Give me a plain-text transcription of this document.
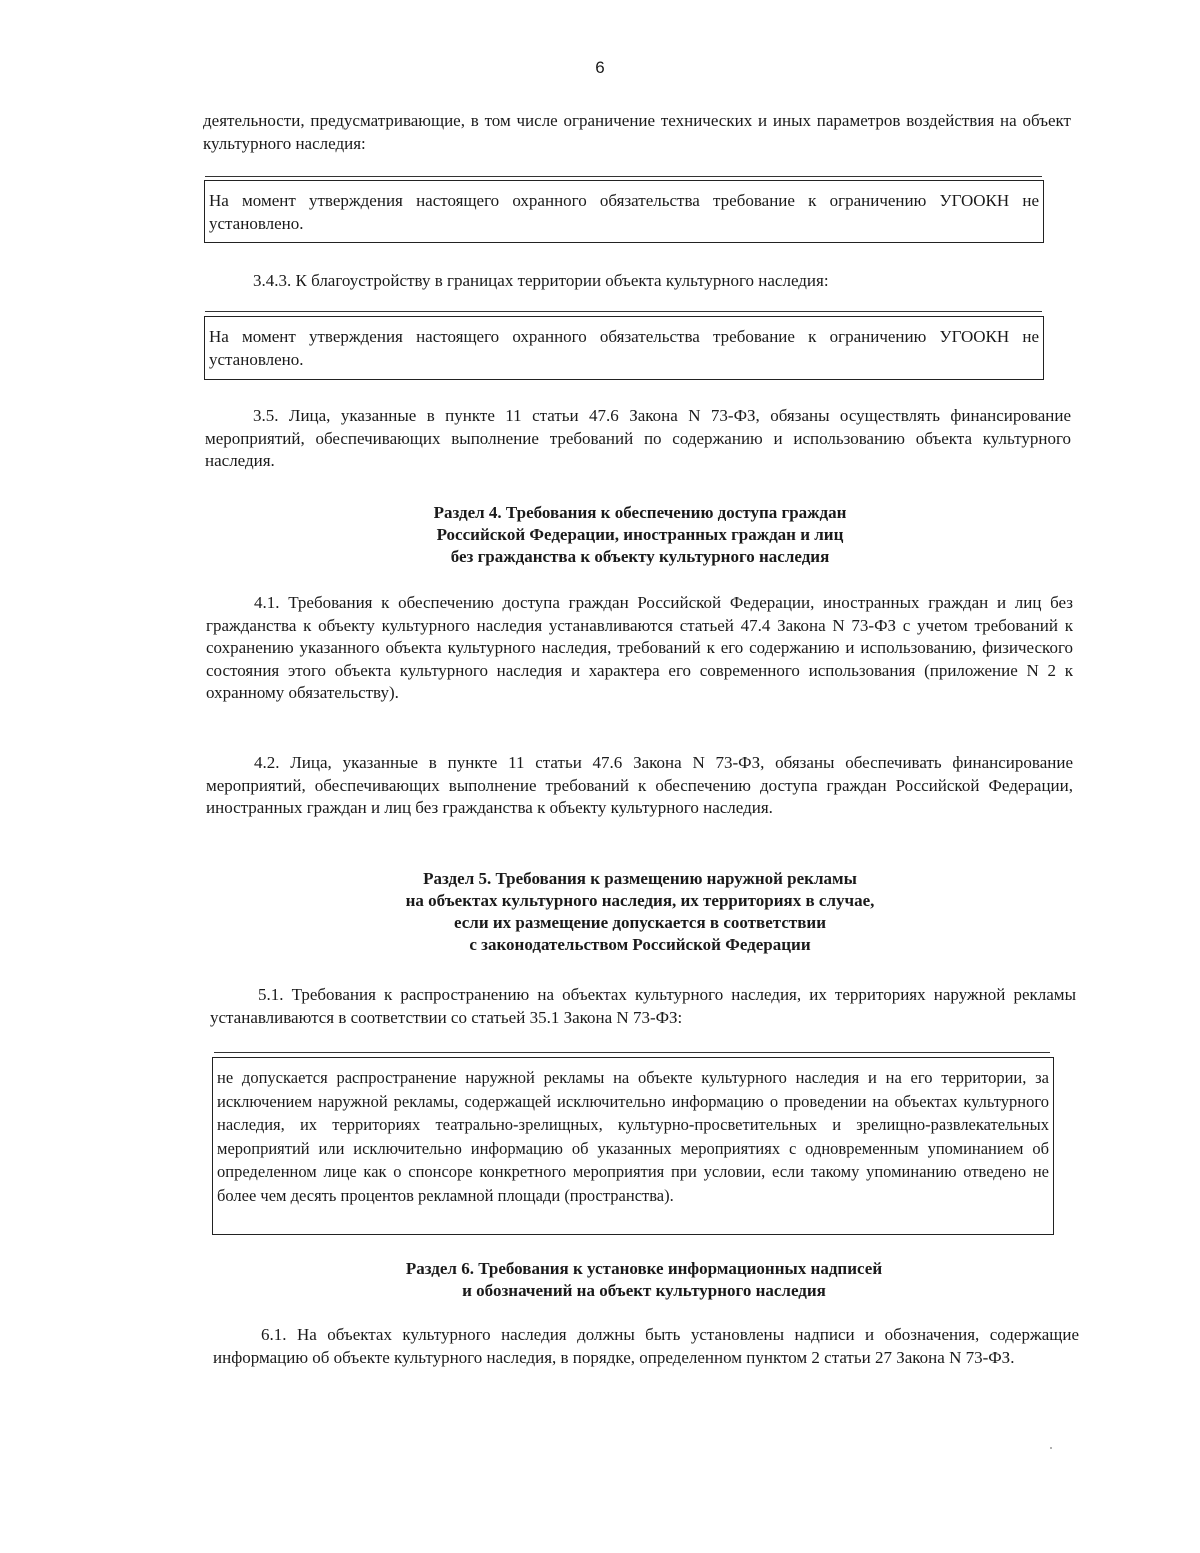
6
деятельности, предусматривающие, в том числе ограничение технических и иных параметров воздействия на объект культурного наследия:
На момент утверждения настоящего охранного обязательства требование к ограничению УГООКН не установлено.
3.4.3. К благоустройству в границах территории объекта культурного наследия:
На момент утверждения настоящего охранного обязательства требование к ограничению УГООКН не установлено.
3.5. Лица, указанные в пункте 11 статьи 47.6 Закона N 73-ФЗ, обязаны осуществлять финансирование мероприятий, обеспечивающих выполнение требований по содержанию и использованию объекта культурного наследия.
Раздел 4. Требования к обеспечению доступа граждан
Российской Федерации, иностранных граждан и лиц
без гражданства к объекту культурного наследия
4.1. Требования к обеспечению доступа граждан Российской Федерации, иностранных граждан и лиц без гражданства к объекту культурного наследия устанавливаются статьей 47.4 Закона N 73-ФЗ с учетом требований к сохранению указанного объекта культурного наследия, требований к его содержанию и использованию, физического состояния этого объекта культурного наследия и характера его современного использования (приложение N 2 к охранному обязательству).
4.2. Лица, указанные в пункте 11 статьи 47.6 Закона N 73-ФЗ, обязаны обеспечивать финансирование мероприятий, обеспечивающих выполнение требований к обеспечению доступа граждан Российской Федерации, иностранных граждан и лиц без гражданства к объекту культурного наследия.
Раздел 5. Требования к размещению наружной рекламы
на объектах культурного наследия, их территориях в случае,
если их размещение допускается в соответствии
с законодательством Российской Федерации
5.1. Требования к распространению на объектах культурного наследия, их территориях наружной рекламы устанавливаются в соответствии со статьей 35.1 Закона N 73-ФЗ:
не допускается распространение наружной рекламы на объекте культурного наследия и на его территории, за исключением наружной рекламы, содержащей исключительно информацию о проведении на объектах культурного наследия, их территориях театрально-зрелищных, культурно-просветительных и зрелищно-развлекательных мероприятий или исключительно информацию об указанных мероприятиях с одновременным упоминанием об определенном лице как о спонсоре конкретного мероприятия при условии, если такому упоминанию отведено не более чем десять процентов рекламной площади (пространства).
Раздел 6. Требования к установке информационных надписей
и обозначений на объект культурного наследия
6.1. На объектах культурного наследия должны быть установлены надписи и обозначения, содержащие информацию об объекте культурного наследия, в порядке, определенном пунктом 2 статьи 27 Закона N 73-ФЗ.
